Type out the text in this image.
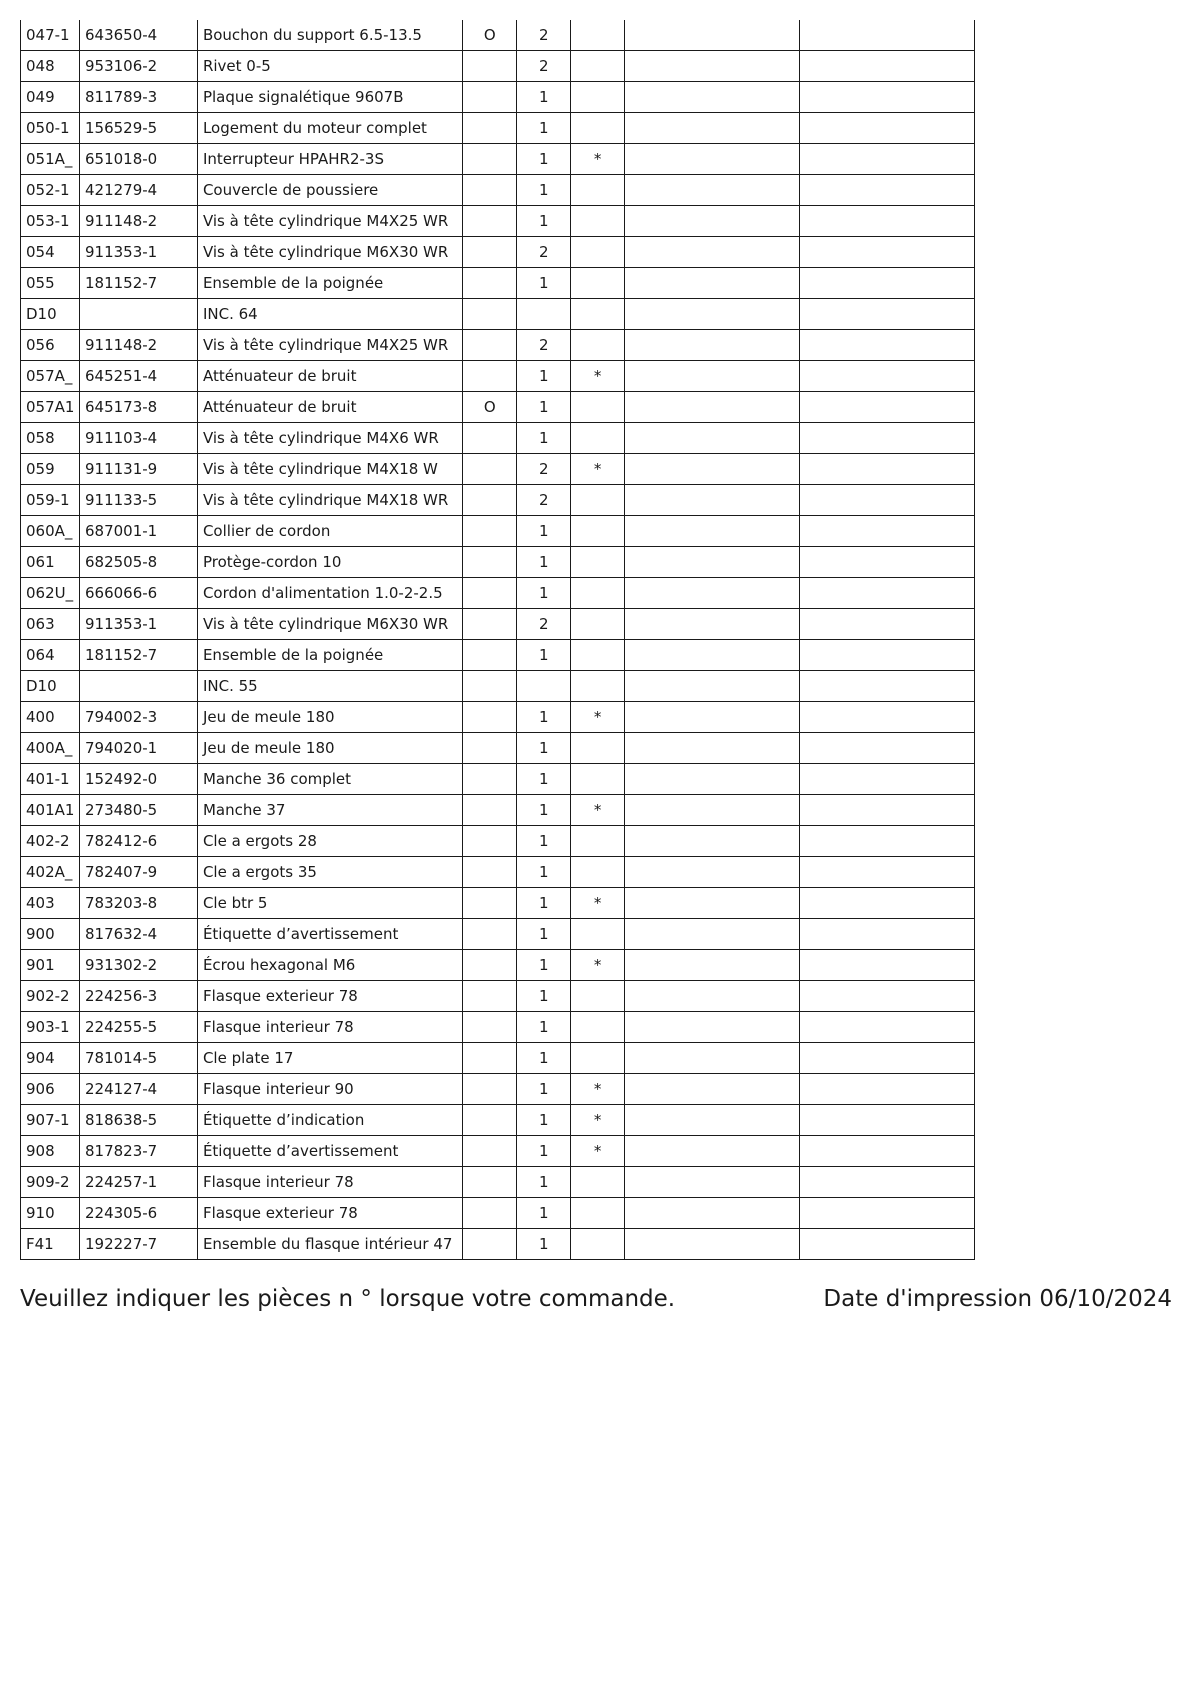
047-1	643650-4	Bouchon du support 6.5-13.5	O	2			
048	953106-2	Rivet 0-5		2			
049	811789-3	Plaque signalétique 9607B		1			
050-1	156529-5	Logement du moteur complet		1			
051A_	651018-0	Interrupteur HPAHR2-3S		1	*		
052-1	421279-4	Couvercle de poussiere		1			
053-1	911148-2	Vis à tête cylindrique M4X25 WR		1			
054	911353-1	Vis à tête cylindrique M6X30 WR		2			
055	181152-7	Ensemble de la poignée		1			
D10		INC. 64					
056	911148-2	Vis à tête cylindrique M4X25 WR		2			
057A_	645251-4	Atténuateur de bruit		1	*		
057A1	645173-8	Atténuateur de bruit	O	1			
058	911103-4	Vis à tête cylindrique M4X6 WR		1			
059	911131-9	Vis à tête cylindrique M4X18 W		2	*		
059-1	911133-5	Vis à tête cylindrique M4X18 WR		2			
060A_	687001-1	Collier de cordon		1			
061	682505-8	Protège-cordon 10		1			
062U_	666066-6	Cordon d'alimentation 1.0-2-2.5		1			
063	911353-1	Vis à tête cylindrique M6X30 WR		2			
064	181152-7	Ensemble de la poignée		1			
D10		INC. 55					
400	794002-3	Jeu de meule 180		1	*		
400A_	794020-1	Jeu de meule 180		1			
401-1	152492-0	Manche 36 complet		1			
401A1	273480-5	Manche 37		1	*		
402-2	782412-6	Cle a ergots 28		1			
402A_	782407-9	Cle a ergots 35		1			
403	783203-8	Cle btr 5		1	*		
900	817632-4	Étiquette d’avertissement		1			
901	931302-2	Écrou hexagonal M6		1	*		
902-2	224256-3	Flasque exterieur 78		1			
903-1	224255-5	Flasque interieur 78		1			
904	781014-5	Cle plate 17		1			
906	224127-4	Flasque interieur 90		1	*		
907-1	818638-5	Étiquette d’indication		1	*		
908	817823-7	Étiquette d’avertissement		1	*		
909-2	224257-1	Flasque interieur 78		1			
910	224305-6	Flasque exterieur 78		1			
F41	192227-7	Ensemble du flasque intérieur 47		1			
Veuillez indiquer les pièces n ° lorsque votre commande.	Date d'impression 06/10/2024
